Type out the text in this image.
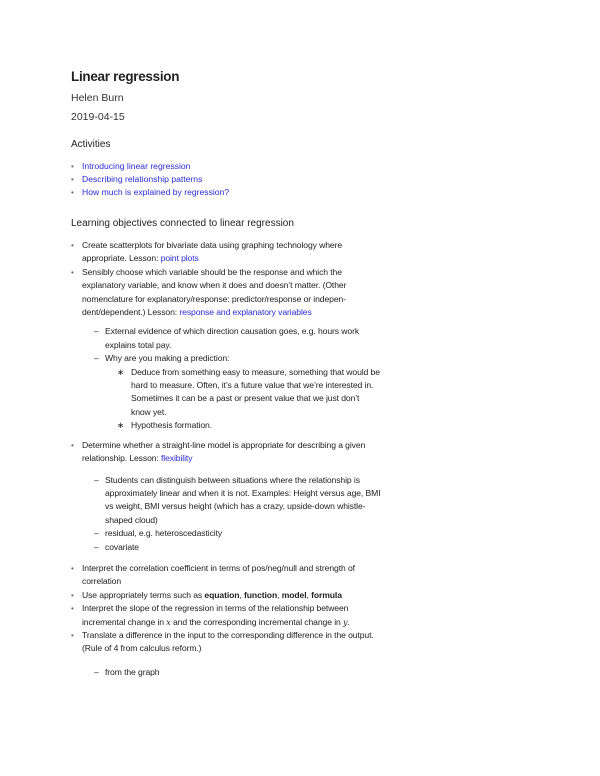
Linear regression
Helen Burn
2019-04-15
Activities
• Introducing linear regression
• Describing relationship patterns
• How much is explained by regression?
Learning objectives connected to linear regression
• Create scatterplots for bivariate data using graphing technology where appropriate. Lesson: point plots
• Sensibly choose which variable should be the response and which the explanatory variable, and know when it does and doesn’t matter. (Other nomenclature for explanatory/response: predictor/response or indepen-dent/dependent.) Lesson: response and explanatory variables
– External evidence of which direction causation goes, e.g. hours work explains total pay.
– Why are you making a prediction:
∗ Deduce from something easy to measure, something that would be hard to measure. Often, it’s a future value that we’re interested in. Sometimes it can be a past or present value that we just don’t know yet.
∗ Hypothesis formation.
• Determine whether a straight-line model is appropriate for describing a given relationship. Lesson: flexibility
– Students can distinguish between situations where the relationship is approximately linear and when it is not. Examples: Height versus age, BMI vs weight, BMI versus height (which has a crazy, upside-down whistle-shaped cloud)
– residual, e.g. heteroscedasticity
– covariate
• Interpret the correlation coefficient in terms of pos/neg/null and strength of correlation
• Use appropriately terms such as equation, function, model, formula
• Interpret the slope of the regression in terms of the relationship between incremental change in x and the corresponding incremental change in y.
• Translate a difference in the input to the corresponding difference in the output. (Rule of 4 from calculus reform.)
– from the graph
